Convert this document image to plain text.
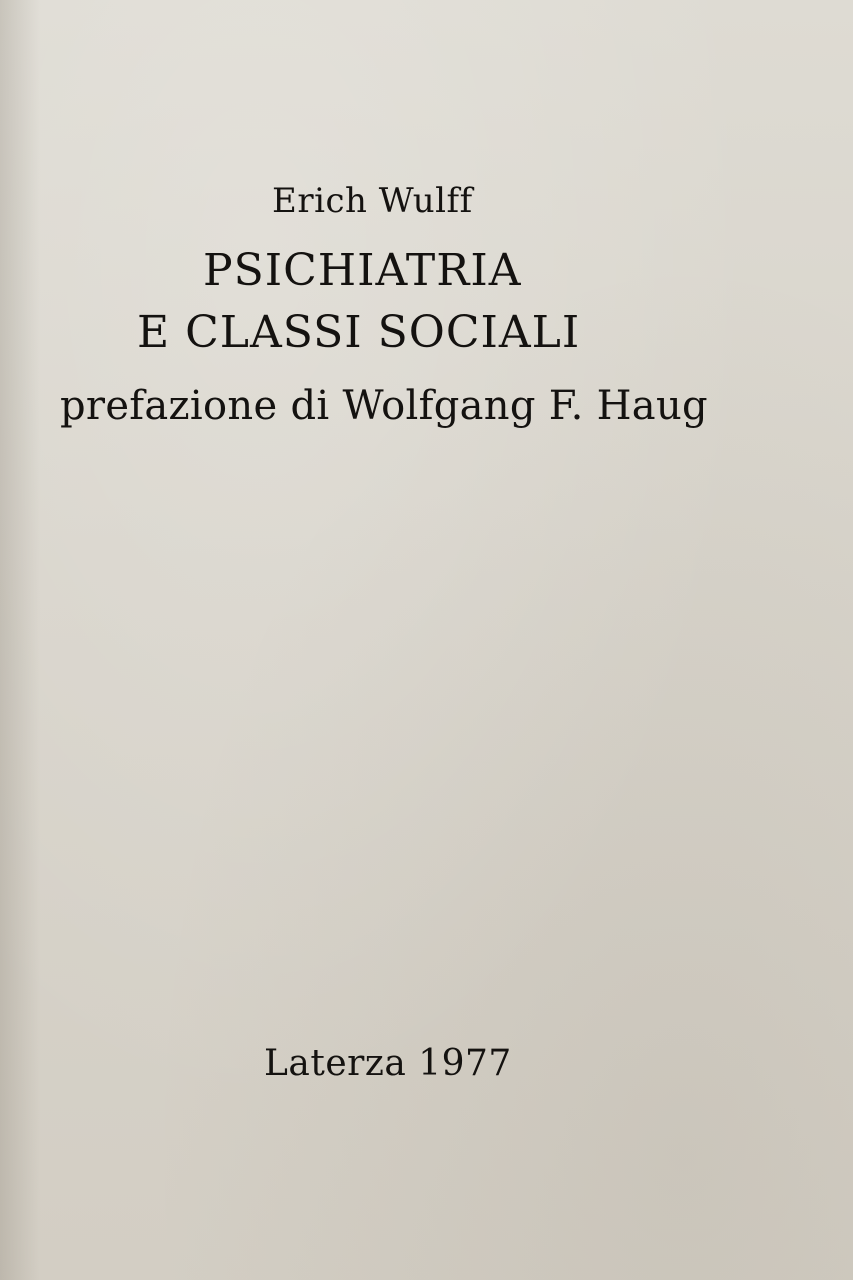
Erich Wulff
PSICHIATRIA
E CLASSI SOCIALI
prefazione di Wolfgang F. Haug
Laterza 1977
